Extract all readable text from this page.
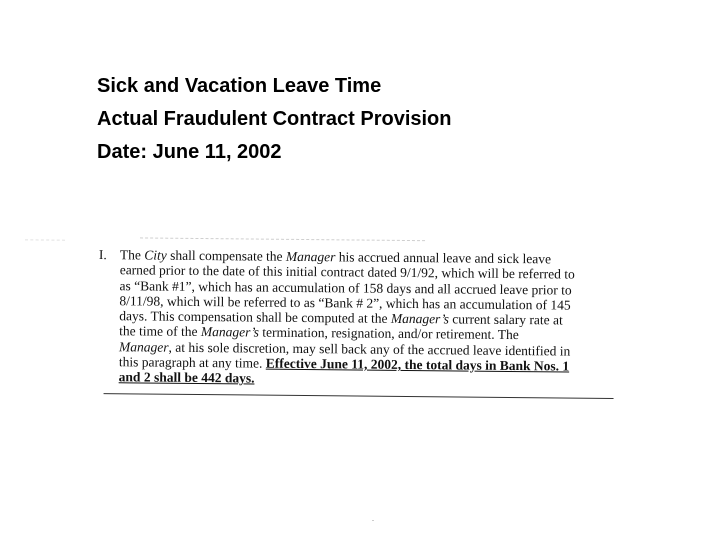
Sick and Vacation Leave Time
Actual Fraudulent Contract Provision
Date: June 11, 2002
I. The City shall compensate the Manager his accrued annual leave and sick leave
earned prior to the date of this initial contract dated 9/1/92, which will be referred to
as “Bank #1”, which has an accumulation of 158 days and all accrued leave prior to
8/11/98, which will be referred to as “Bank # 2”, which has an accumulation of 145
days. This compensation shall be computed at the Manager’s current salary rate at
the time of the Manager’s termination, resignation, and/or retirement. The
Manager, at his sole discretion, may sell back any of the accrued leave identified in
this paragraph at any time. Effective June 11, 2002, the total days in Bank Nos. 1
and 2 shall be 442 days.
